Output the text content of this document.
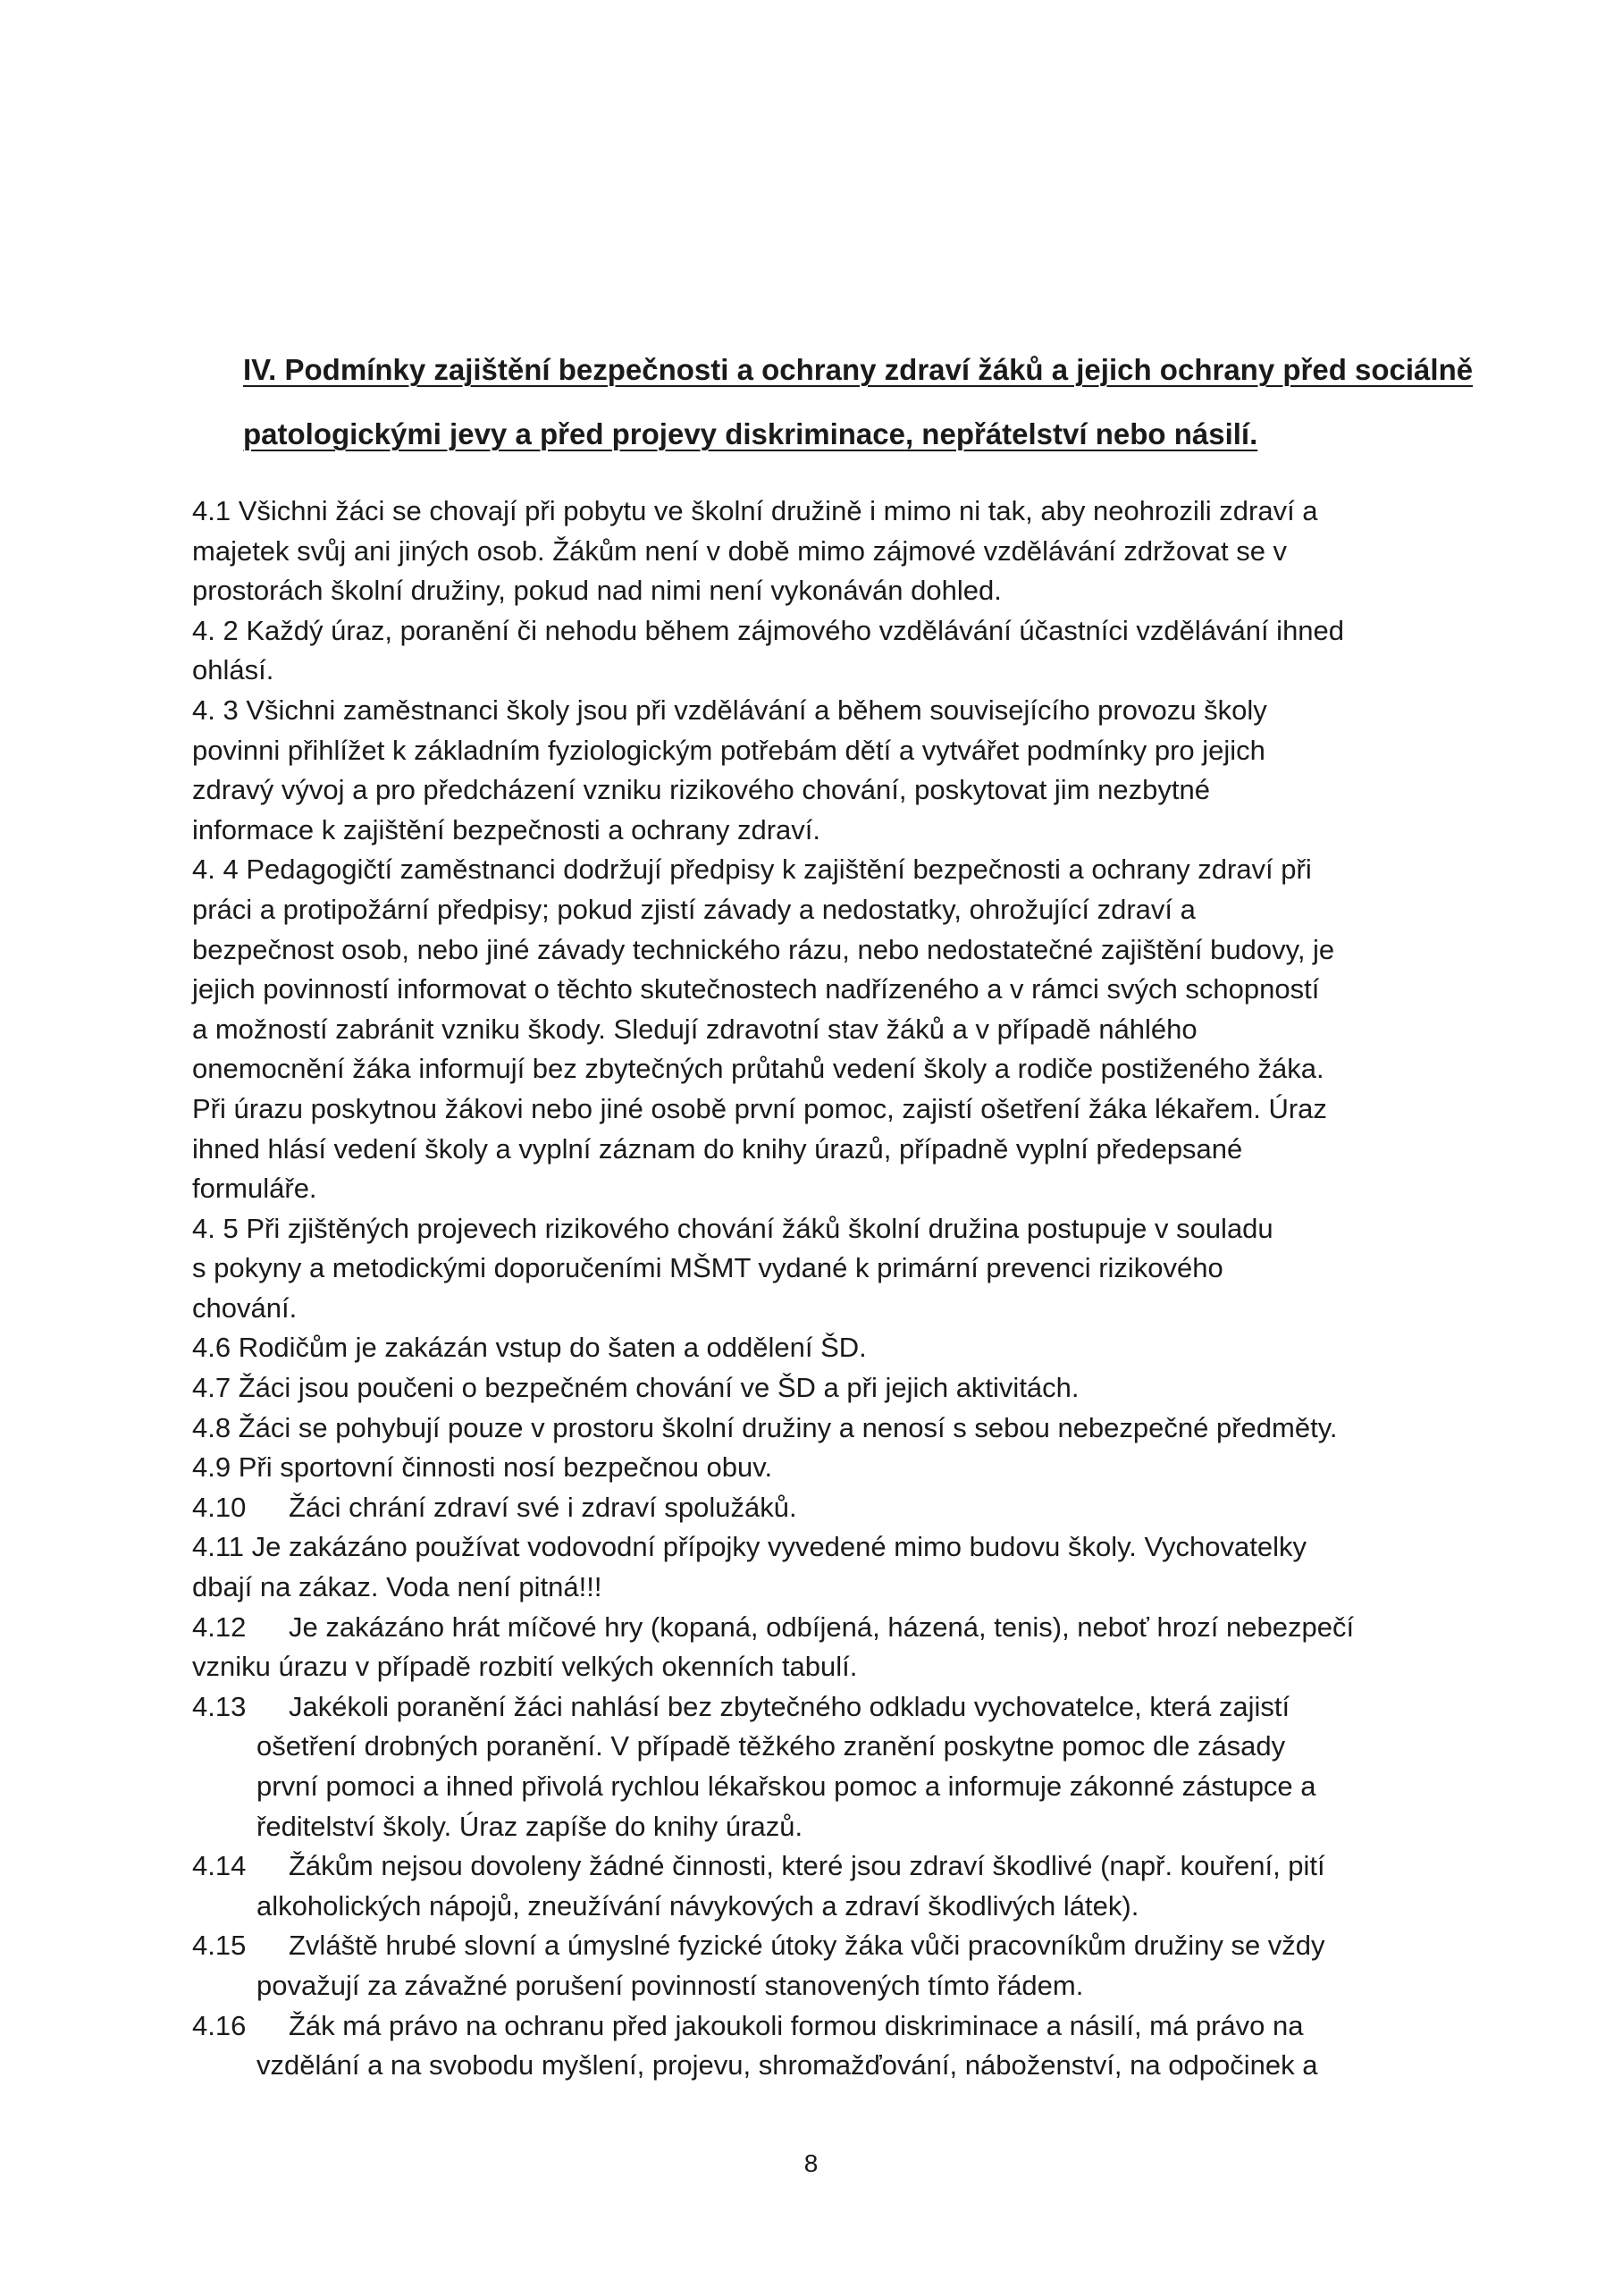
IV. Podmínky zajištění bezpečnosti a ochrany zdraví žáků a jejich ochrany před sociálně
patologickými jevy a před projevy diskriminace, nepřátelství nebo násilí.

4.1 Všichni žáci se chovají při pobytu ve školní družině i mimo ni tak, aby neohrozili zdraví a
majetek svůj ani jiných osob. Žákům není v době mimo zájmové vzdělávání zdržovat se v
prostorách školní družiny, pokud nad nimi není vykonáván dohled.

4. 2 Každý úraz, poranění či nehodu během zájmového vzdělávání účastníci vzdělávání ihned
ohlásí.

4. 3 Všichni zaměstnanci školy jsou při vzdělávání a během souvisejícího provozu školy
povinni přihlížet k základním fyziologickým potřebám dětí a vytvářet podmínky pro jejich
zdravý vývoj a pro předcházení vzniku rizikového chování, poskytovat jim nezbytné
informace k zajištění bezpečnosti a ochrany zdraví.

4. 4 Pedagogičtí zaměstnanci dodržují předpisy k zajištění bezpečnosti a ochrany zdraví při
práci a protipožární předpisy; pokud zjistí závady a nedostatky, ohrožující zdraví a
bezpečnost osob, nebo jiné závady technického rázu, nebo nedostatečné zajištění budovy, je
jejich povinností informovat o těchto skutečnostech nadřízeného a v rámci svých schopností
a možností zabránit vzniku škody. Sledují zdravotní stav žáků a v případě náhlého
onemocnění žáka informují bez zbytečných průtahů vedení školy a rodiče postiženého žáka.
Při úrazu poskytnou žákovi nebo jiné osobě první pomoc, zajistí ošetření žáka lékařem. Úraz
ihned hlásí vedení školy a vyplní záznam do knihy úrazů, případně vyplní předepsané
formuláře.

4. 5 Při zjištěných projevech rizikového chování žáků školní družina postupuje v souladu
s pokyny a metodickými doporučeními MŠMT vydané k primární prevenci rizikového
chování.

4.6 Rodičům je zakázán vstup do šaten a oddělení ŠD.

4.7 Žáci jsou poučeni o bezpečném chování ve ŠD a při jejich aktivitách.

4.8 Žáci se pohybují pouze v prostoru školní družiny a nenosí s sebou nebezpečné předměty.

4.9 Při sportovní činnosti nosí bezpečnou obuv.

4.10 Žáci chrání zdraví své i zdraví spolužáků.

4.11 Je zakázáno používat vodovodní přípojky vyvedené mimo budovu školy. Vychovatelky
dbají na zákaz. Voda není pitná!!!

4.12 Je zakázáno hrát míčové hry (kopaná, odbíjená, házená, tenis), neboť hrozí nebezpečí
vzniku úrazu v případě rozbití velkých okenních tabulí.

4.13 Jakékoli poranění žáci nahlásí bez zbytečného odkladu vychovatelce, která zajistí
ošetření drobných poranění. V případě těžkého zranění poskytne pomoc dle zásady
první pomoci a ihned přivolá rychlou lékařskou pomoc a informuje zákonné zástupce a
ředitelství školy. Úraz zapíše do knihy úrazů.

4.14 Žákům nejsou dovoleny žádné činnosti, které jsou zdraví škodlivé (např. kouření, pití
alkoholických nápojů, zneužívání návykových a zdraví škodlivých látek).

4.15 Zvláště hrubé slovní a úmyslné fyzické útoky žáka vůči pracovníkům družiny se vždy
považují za závažné porušení povinností stanovených tímto řádem.

4.16 Žák má právo na ochranu před jakoukoli formou diskriminace a násilí, má právo na
vzdělání a na svobodu myšlení, projevu, shromažďování, náboženství, na odpočinek a

8
